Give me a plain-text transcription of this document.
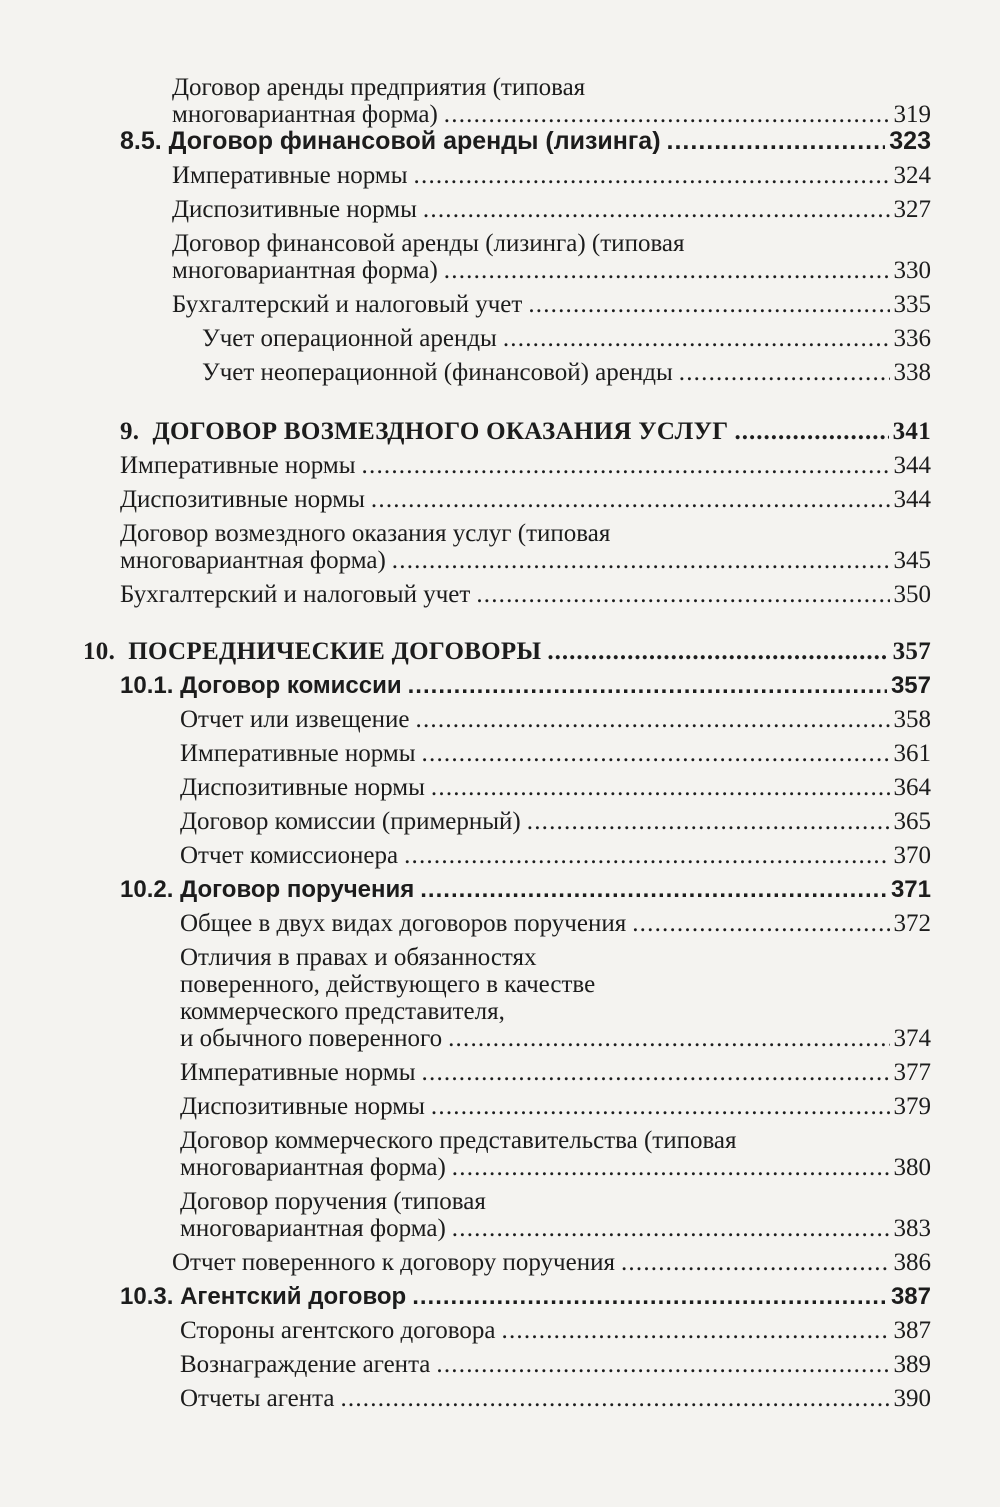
Договор аренды предприятия (типовая
многовариантная форма) .....	319
8.5. Договор финансовой аренды (лизинга) .....	323
Императивные нормы .....	324
Диспозитивные нормы .....	327
Договор финансовой аренды (лизинга) (типовая
многовариантная форма) .....	330
Бухгалтерский и налоговый учет .....	335
Учет операционной аренды .....	336
Учет неоперационной (финансовой) аренды .....	338
9. ДОГОВОР ВОЗМЕЗДНОГО ОКАЗАНИЯ УСЛУГ .....	341
Императивные нормы .....	344
Диспозитивные нормы .....	344
Договор возмездного оказания услуг (типовая
многовариантная форма) .....	345
Бухгалтерский и налоговый учет .....	350
10. ПОСРЕДНИЧЕСКИЕ ДОГОВОРЫ .....	357
10.1. Договор комиссии .....	357
Отчет или извещение .....	358
Императивные нормы .....	361
Диспозитивные нормы .....	364
Договор комиссии (примерный) .....	365
Отчет комиссионера .....	370
10.2. Договор поручения .....	371
Общее в двух видах договоров поручения .....	372
Отличия в правах и обязанностях
поверенного, действующего в качестве
коммерческого представителя,
и обычного поверенного .....	374
Императивные нормы .....	377
Диспозитивные нормы .....	379
Договор коммерческого представительства (типовая
многовариантная форма) .....	380
Договор поручения (типовая
многовариантная форма) .....	383
Отчет поверенного к договору поручения .....	386
10.3. Агентский договор .....	387
Стороны агентского договора .....	387
Вознаграждение агента .....	389
Отчеты агента .....	390
